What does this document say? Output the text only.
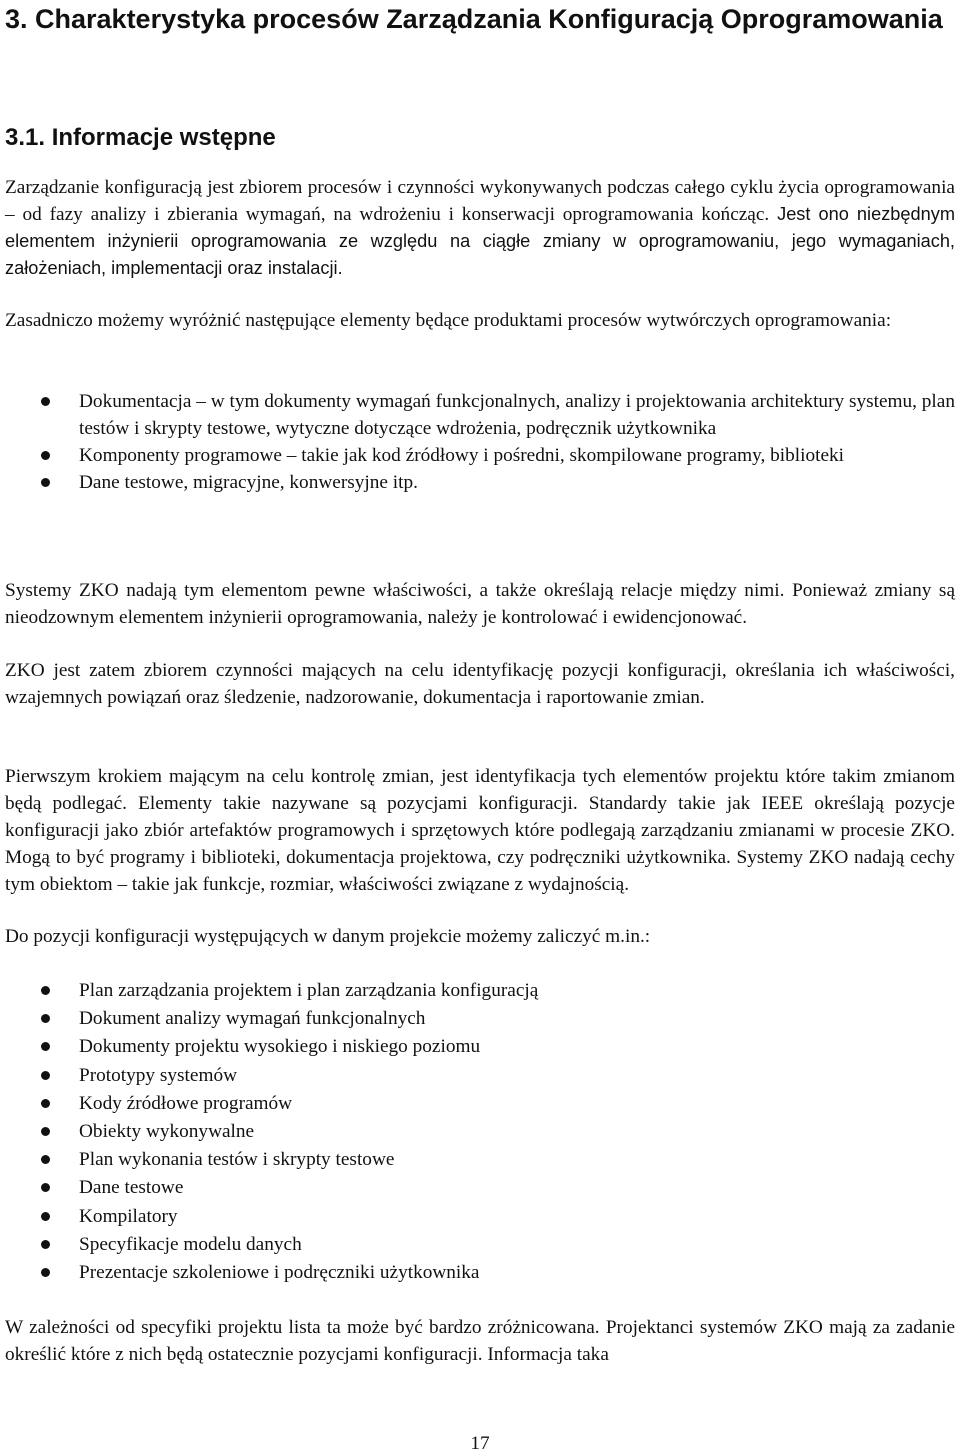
3. Charakterystyka procesów Zarządzania Konfiguracją Oprogramowania
3.1. Informacje wstępne

Zarządzanie konfiguracją jest zbiorem procesów i czynności wykonywanych podczas całego cyklu życia oprogramowania – od fazy analizy i zbierania wymagań, na wdrożeniu i konserwacji oprogramowania kończąc. Jest ono niezbędnym elementem inżynierii oprogramowania ze względu na ciągłe zmiany w oprogramowaniu, jego wymaganiach, założeniach, implementacji oraz instalacji.

Zasadniczo możemy wyróżnić następujące elementy będące produktami procesów wytwórczych oprogramowania:

Dokumentacja – w tym dokumenty wymagań funkcjonalnych, analizy i projektowania architektury systemu, plan testów i skrypty testowe, wytyczne dotyczące wdrożenia, podręcznik użytkownika
Komponenty programowe – takie jak kod źródłowy i pośredni, skompilowane programy, biblioteki
Dane testowe, migracyjne, konwersyjne itp.

Systemy ZKO nadają tym elementom pewne właściwości, a także określają relacje między nimi. Ponieważ zmiany są nieodzownym elementem inżynierii oprogramowania, należy je kontrolować i ewidencjonować.

ZKO jest zatem zbiorem czynności mających na celu identyfikację pozycji konfiguracji, określania ich właściwości, wzajemnych powiązań oraz śledzenie, nadzorowanie, dokumentacja i raportowanie zmian.

Pierwszym krokiem mającym na celu kontrolę zmian, jest identyfikacja tych elementów projektu które takim zmianom będą podlegać. Elementy takie nazywane są pozycjami konfiguracji. Standardy takie jak IEEE określają pozycje konfiguracji jako zbiór artefaktów programowych i sprzętowych które podlegają zarządzaniu zmianami w procesie ZKO. Mogą to być programy i biblioteki, dokumentacja projektowa, czy podręczniki użytkownika. Systemy ZKO nadają cechy tym obiektom – takie jak funkcje, rozmiar, właściwości związane z wydajnością.

Do pozycji konfiguracji występujących w danym projekcie możemy zaliczyć m.in.:

Plan zarządzania projektem i plan zarządzania konfiguracją
Dokument analizy wymagań funkcjonalnych
Dokumenty projektu wysokiego i niskiego poziomu
Prototypy systemów
Kody źródłowe programów
Obiekty wykonywalne
Plan wykonania testów i skrypty testowe
Dane testowe
Kompilatory
Specyfikacje modelu danych
Prezentacje szkoleniowe i podręczniki użytkownika

W zależności od specyfiki projektu lista ta może być bardzo zróżnicowana. Projektanci systemów ZKO mają za zadanie określić które z nich będą ostatecznie pozycjami konfiguracji. Informacja taka

17
